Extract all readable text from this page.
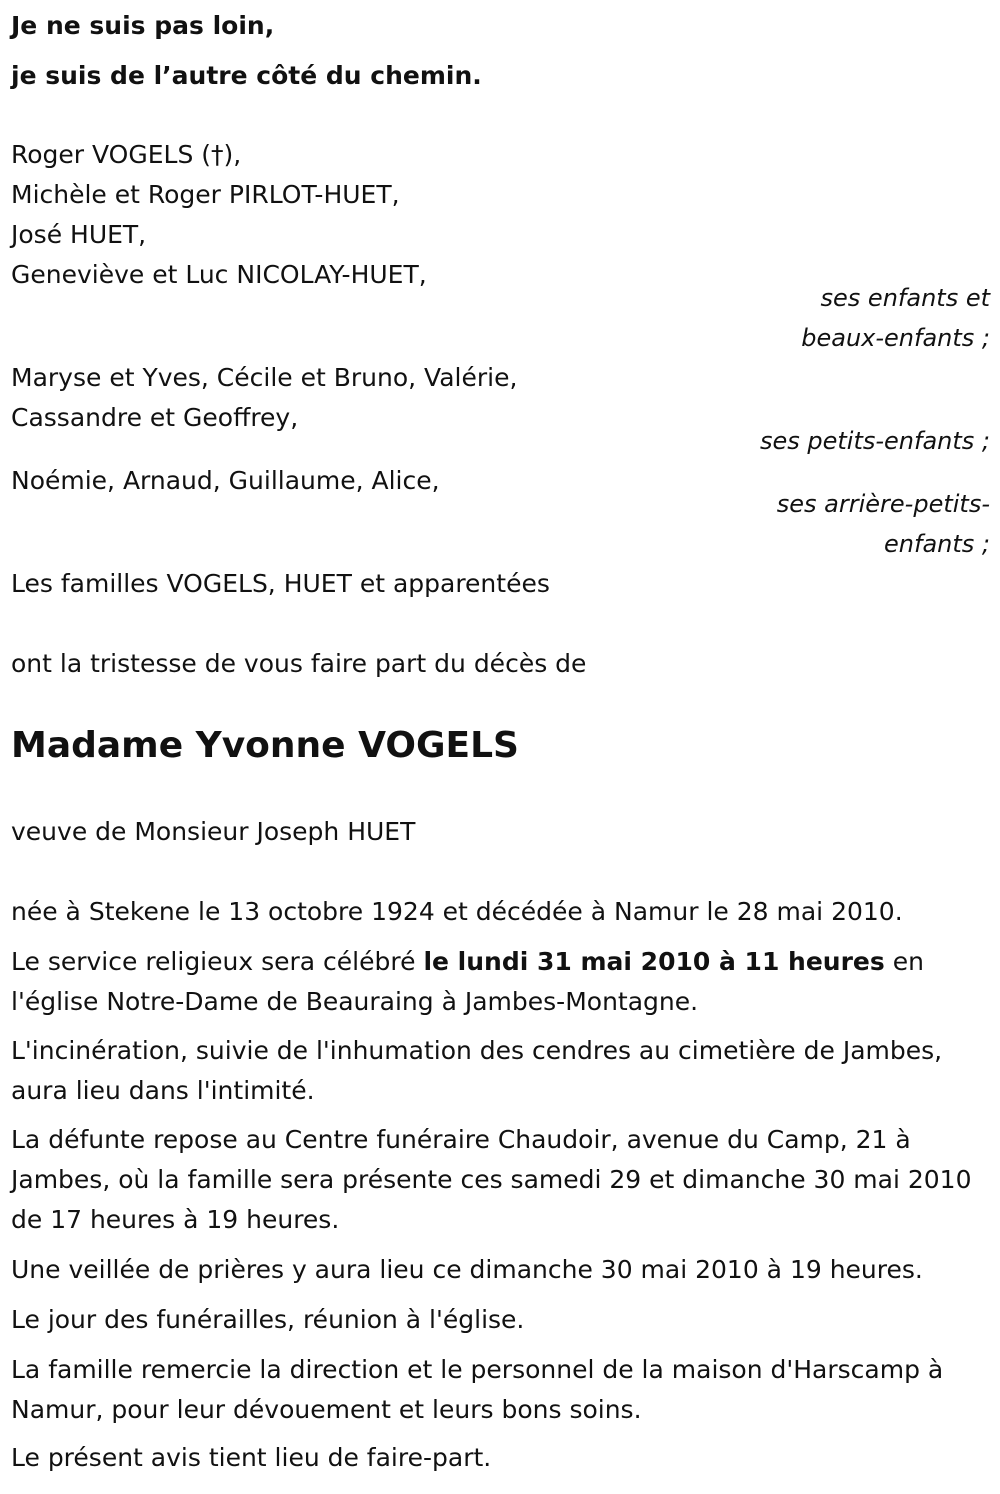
Je ne suis pas loin,
je suis de l’autre côté du chemin.
Roger VOGELS (†),
Michèle et Roger PIRLOT-HUET,
José HUET,
Geneviève et Luc NICOLAY-HUET,
ses enfants et
beaux-enfants ;
Maryse et Yves, Cécile et Bruno, Valérie,
Cassandre et Geoffrey,
ses petits-enfants ;
Noémie, Arnaud, Guillaume, Alice,
ses arrière-petits-
enfants ;
Les familles VOGELS, HUET et apparentées
ont la tristesse de vous faire part du décès de
Madame Yvonne VOGELS
veuve de Monsieur Joseph HUET
née à Stekene le 13 octobre 1924 et décédée à Namur le 28 mai 2010.
Le service religieux sera célébré le lundi 31 mai 2010 à 11 heures en l'église Notre-Dame de Beauraing à Jambes-Montagne.
L'incinération, suivie de l'inhumation des cendres au cimetière de Jambes, aura lieu dans l'intimité.
La défunte repose au Centre funéraire Chaudoir, avenue du Camp, 21 à Jambes, où la famille sera présente ces samedi 29 et dimanche 30 mai 2010 de 17 heures à 19 heures.
Une veillée de prières y aura lieu ce dimanche 30 mai 2010 à 19 heures.
Le jour des funérailles, réunion à l'église.
La famille remercie la direction et le personnel de la maison d'Harscamp à Namur, pour leur dévouement et leurs bons soins.
Le présent avis tient lieu de faire-part.
